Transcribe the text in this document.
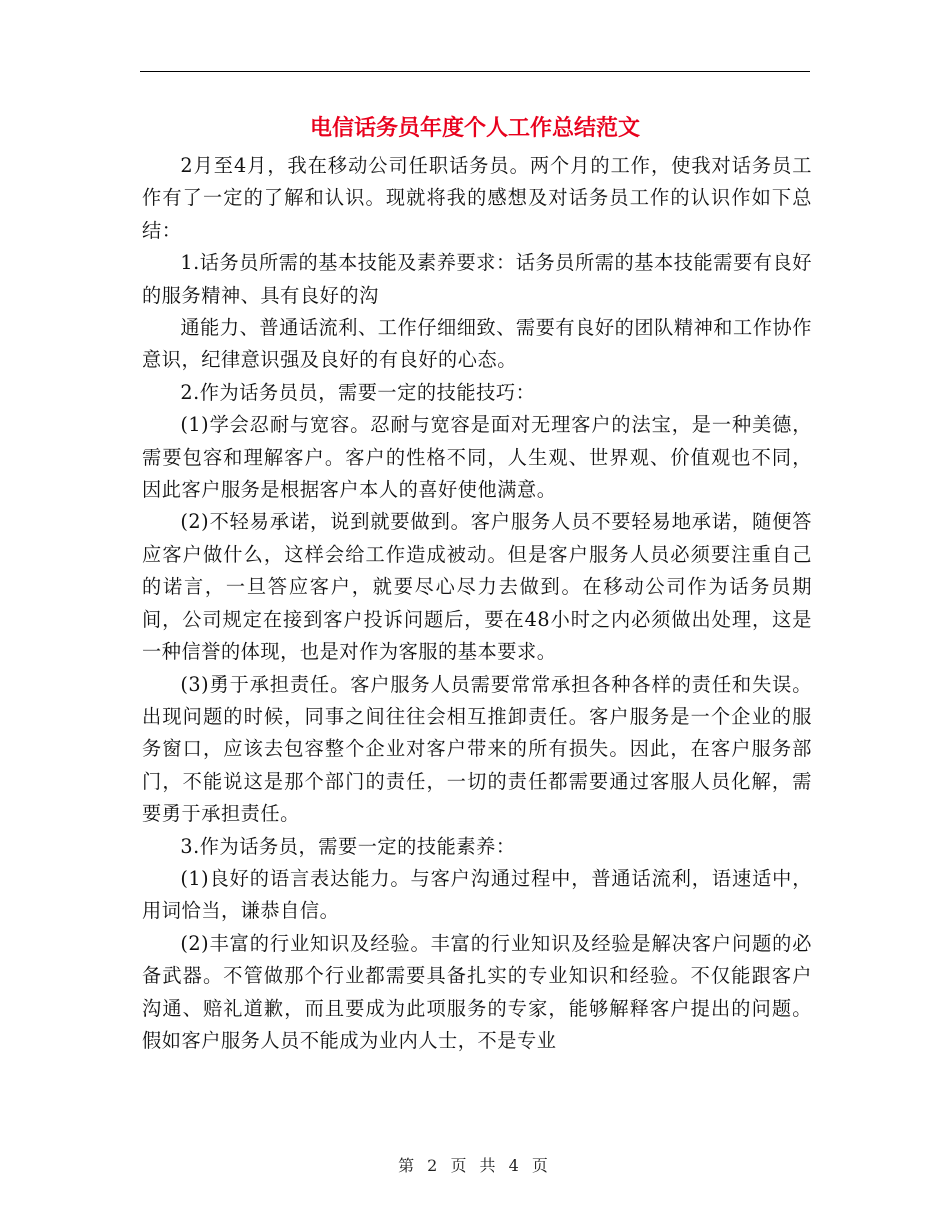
电信话务员年度个人工作总结范文

2月至4月，我在移动公司任职话务员。两个月的工作，使我对话务员工作有了一定的了解和认识。现就将我的感想及对话务员工作的认识作如下总结：

1.话务员所需的基本技能及素养要求：话务员所需的基本技能需要有良好的服务精神、具有良好的沟

通能力、普通话流利、工作仔细细致、需要有良好的团队精神和工作协作意识，纪律意识强及良好的有良好的心态。

2.作为话务员员，需要一定的技能技巧：

(1)学会忍耐与宽容。忍耐与宽容是面对无理客户的法宝，是一种美德，需要包容和理解客户。客户的性格不同，人生观、世界观、价值观也不同，因此客户服务是根据客户本人的喜好使他满意。

(2)不轻易承诺，说到就要做到。客户服务人员不要轻易地承诺，随便答应客户做什么，这样会给工作造成被动。但是客户服务人员必须要注重自己的诺言，一旦答应客户，就要尽心尽力去做到。在移动公司作为话务员期间，公司规定在接到客户投诉问题后，要在48小时之内必须做出处理，这是一种信誉的体现，也是对作为客服的基本要求。

(3)勇于承担责任。客户服务人员需要常常承担各种各样的责任和失误。出现问题的时候，同事之间往往会相互推卸责任。客户服务是一个企业的服务窗口，应该去包容整个企业对客户带来的所有损失。因此，在客户服务部门，不能说这是那个部门的责任，一切的责任都需要通过客服人员化解，需要勇于承担责任。

3.作为话务员，需要一定的技能素养：

(1)良好的语言表达能力。与客户沟通过程中，普通话流利，语速适中，用词恰当，谦恭自信。

(2)丰富的行业知识及经验。丰富的行业知识及经验是解决客户问题的必备武器。不管做那个行业都需要具备扎实的专业知识和经验。不仅能跟客户沟通、赔礼道歉，而且要成为此项服务的专家，能够解释客户提出的问题。假如客户服务人员不能成为业内人士，不是专业

第 2 页 共 4 页
